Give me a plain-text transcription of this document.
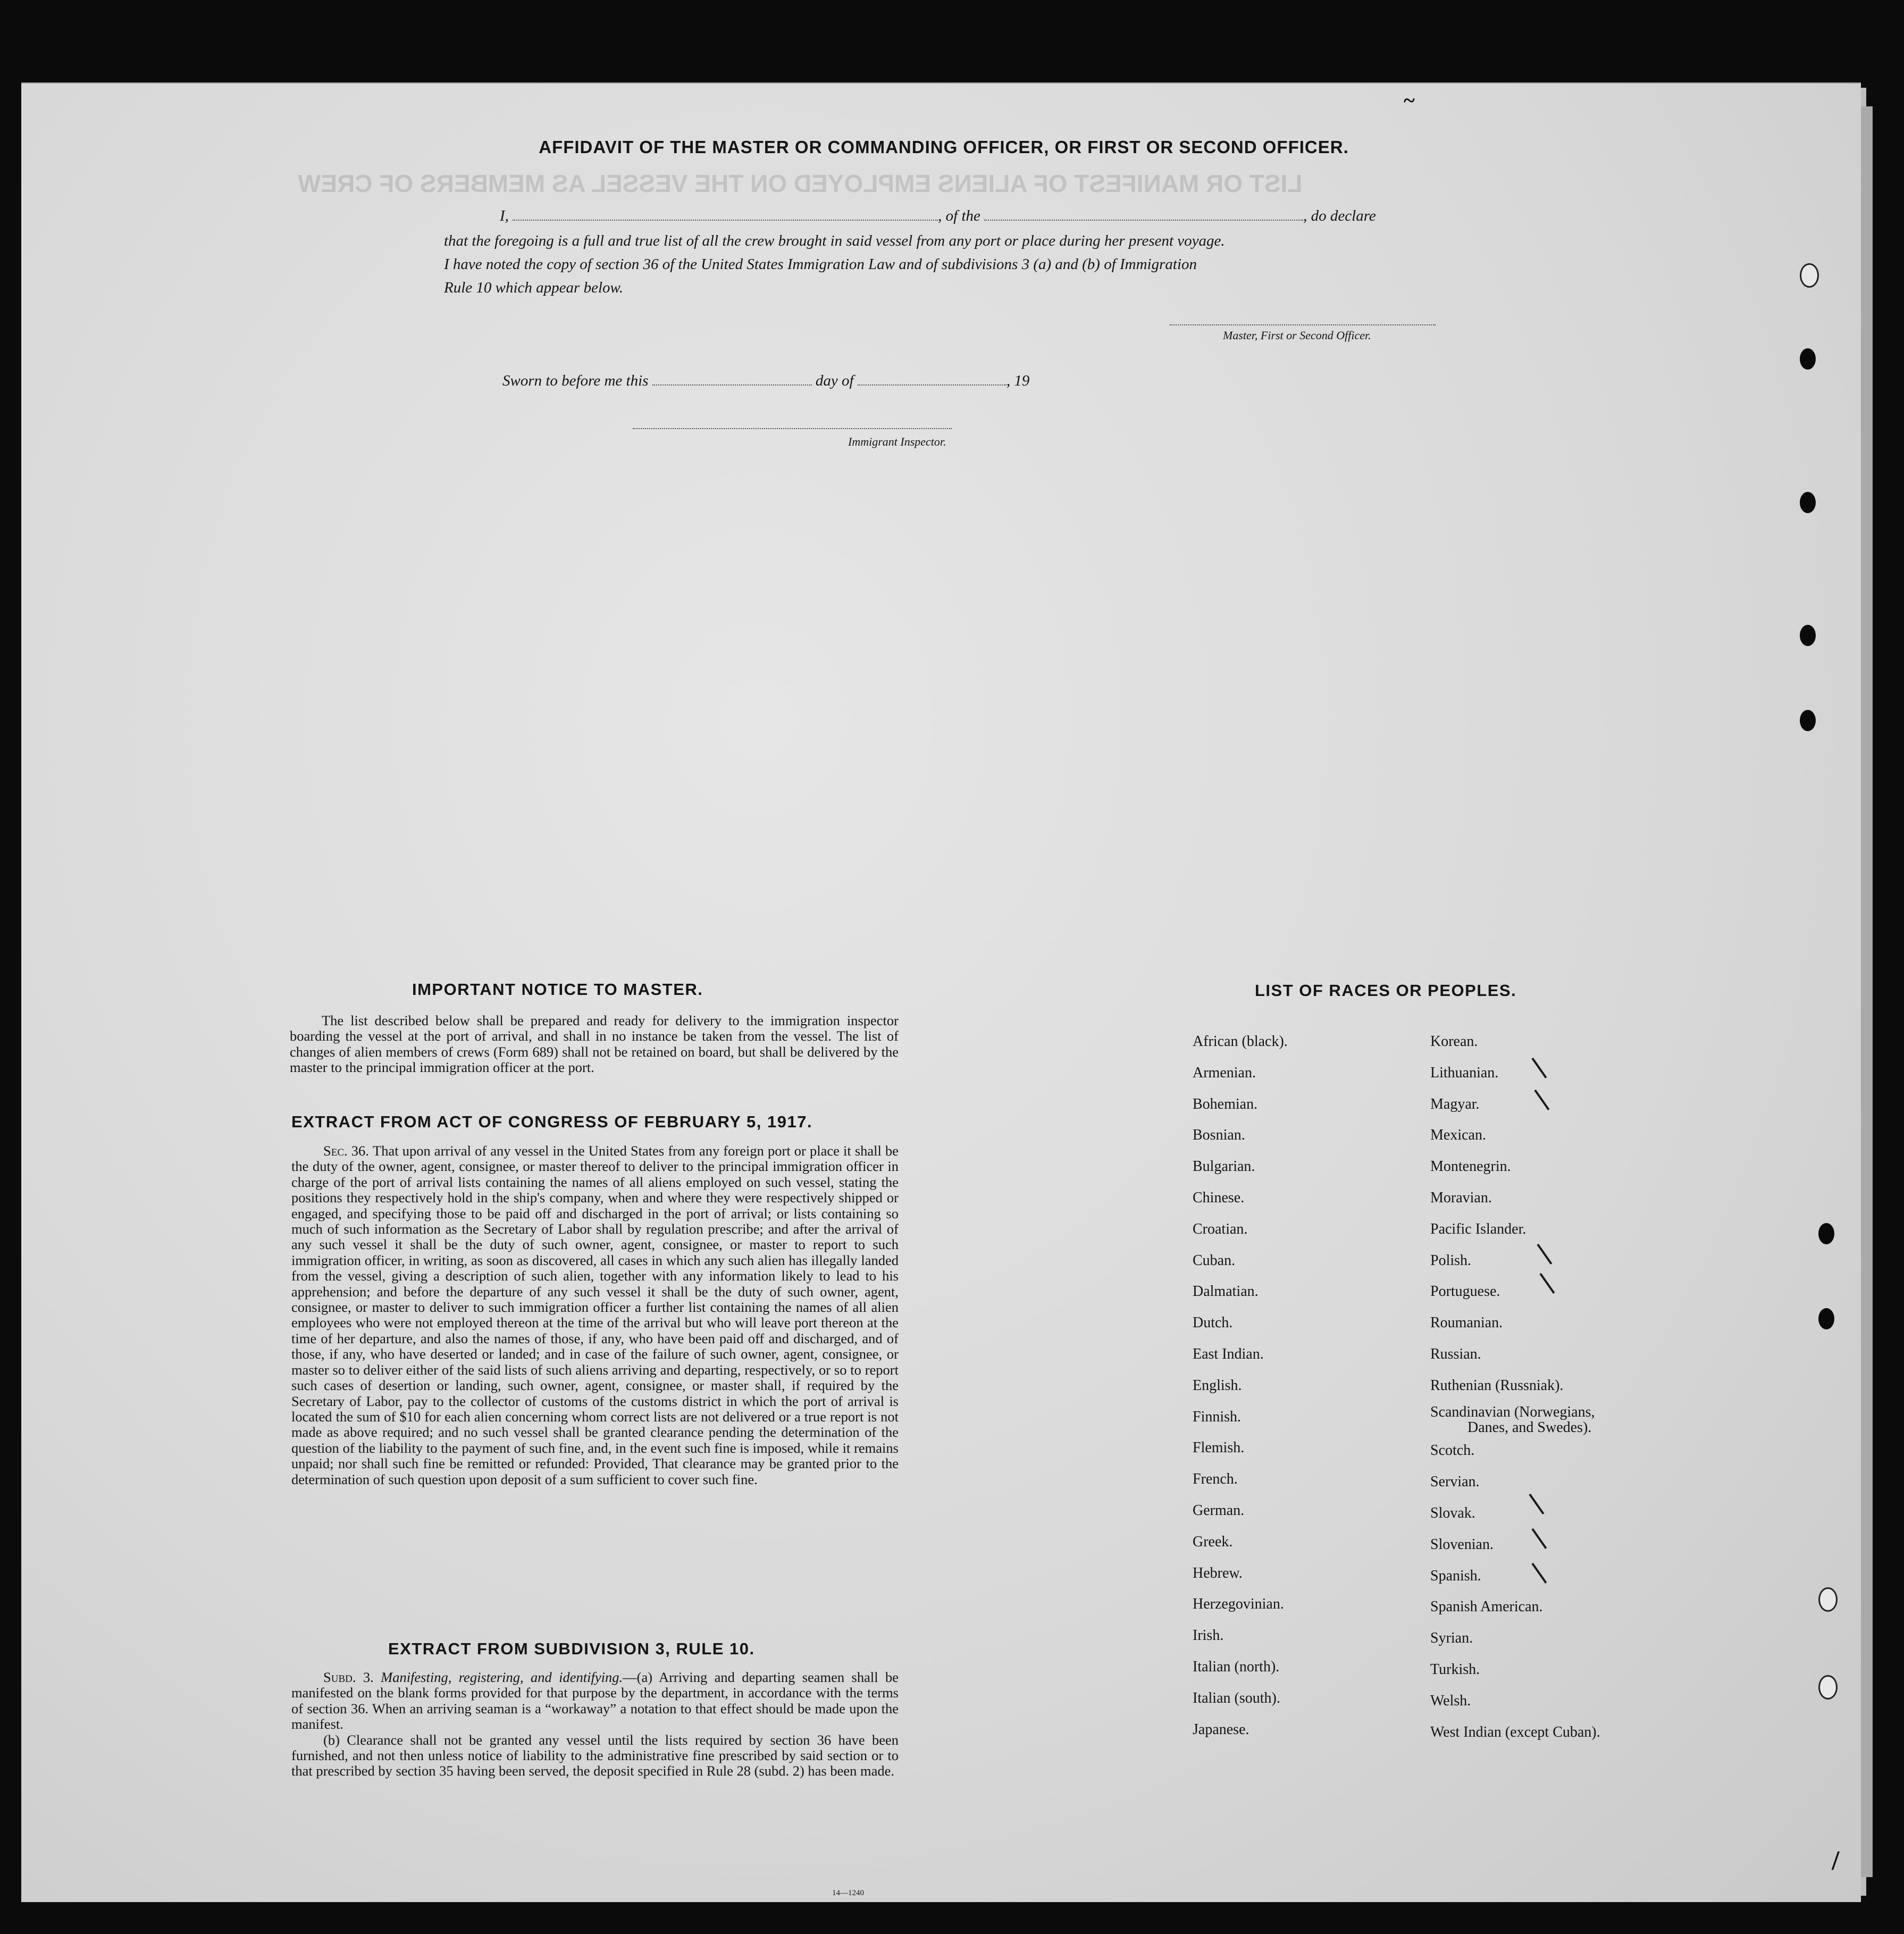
LIST OR MANIFEST OF ALIENS EMPLOYED ON THE VESSEL AS MEMBERS OF CREW
AFFIDAVIT OF THE MASTER OR COMMANDING OFFICER, OR FIRST OR SECOND OFFICER.
I,	, of the	, do declare
that the foregoing is a full and true list of all the crew brought in said vessel from any port or place during her present voyage.
I have noted the copy of section 36 of the United States Immigration Law and of subdivisions 3 (a) and (b) of Immigration
Rule 10 which appear below.
Master, First or Second Officer.
Sworn to before me this	day of	, 19
Immigrant Inspector.
IMPORTANT NOTICE TO MASTER.

The list described below shall be prepared and ready for delivery to the immigration inspector boarding the vessel at the port of arrival, and shall in no instance be taken from the vessel. The list of changes of alien members of crews (Form 689) shall not be retained on board, but shall be delivered by the master to the principal immigration officer at the port.

EXTRACT FROM ACT OF CONGRESS OF FEBRUARY 5, 1917.

Sec. 36. That upon arrival of any vessel in the United States from any foreign port or place it shall be the duty of the owner, agent, consignee, or master thereof to deliver to the principal immigration officer in charge of the port of arrival lists containing the names of all aliens employed on such vessel, stating the positions they respectively hold in the ship's company, when and where they were respectively shipped or engaged, and specifying those to be paid off and discharged in the port of arrival; or lists containing so much of such information as the Secretary of Labor shall by regulation prescribe; and after the arrival of any such vessel it shall be the duty of such owner, agent, consignee, or master to report to such immigration officer, in writing, as soon as discovered, all cases in which any such alien has illegally landed from the vessel, giving a description of such alien, together with any information likely to lead to his apprehension; and before the departure of any such vessel it shall be the duty of such owner, agent, consignee, or master to deliver to such immigration officer a further list containing the names of all alien employees who were not employed thereon at the time of the arrival but who will leave port thereon at the time of her departure, and also the names of those, if any, who have been paid off and discharged, and of those, if any, who have deserted or landed; and in case of the failure of such owner, agent, consignee, or master so to deliver either of the said lists of such aliens arriving and departing, respectively, or so to report such cases of desertion or landing, such owner, agent, consignee, or master shall, if required by the Secretary of Labor, pay to the collector of customs of the customs district in which the port of arrival is located the sum of $10 for each alien concerning whom correct lists are not delivered or a true report is not made as above required; and no such vessel shall be granted clearance pending the determination of the question of the liability to the payment of such fine, and, in the event such fine is imposed, while it remains unpaid; nor shall such fine be remitted or refunded: Provided, That clearance may be granted prior to the determination of such question upon deposit of a sum sufficient to cover such fine.

EXTRACT FROM SUBDIVISION 3, RULE 10.

Subd. 3. Manifesting, registering, and identifying.—(a) Arriving and departing seamen shall be manifested on the blank forms provided for that purpose by the department, in accordance with the terms of section 36. When an arriving seaman is a “workaway” a notation to that effect should be made upon the manifest.

(b) Clearance shall not be granted any vessel until the lists required by section 36 have been furnished, and not then unless notice of liability to the administrative fine prescribed by said section or to that prescribed by section 35 having been served, the deposit specified in Rule 28 (subd. 2) has been made.

14—1240
LIST OF RACES OR PEOPLES.
African (black).
Armenian.
Bohemian.
Bosnian.
Bulgarian.
Chinese.
Croatian.
Cuban.
Dalmatian.
Dutch.
East Indian.
English.
Finnish.
Flemish.
French.
German.
Greek.
Hebrew.
Herzegovinian.
Irish.
Italian (north).
Italian (south).
Japanese.
Korean.
Lithuanian.
Magyar.
Mexican.
Montenegrin.
Moravian.
Pacific Islander.
Polish.
Portuguese.
Roumanian.
Russian.
Ruthenian (Russniak).
Scandinavian (Norwegians,
Danes, and Swedes).
Scotch.
Servian.
Slovak.
Slovenian.
Spanish.
Spanish American.
Syrian.
Turkish.
Welsh.
West Indian (except Cuban).
~
/
